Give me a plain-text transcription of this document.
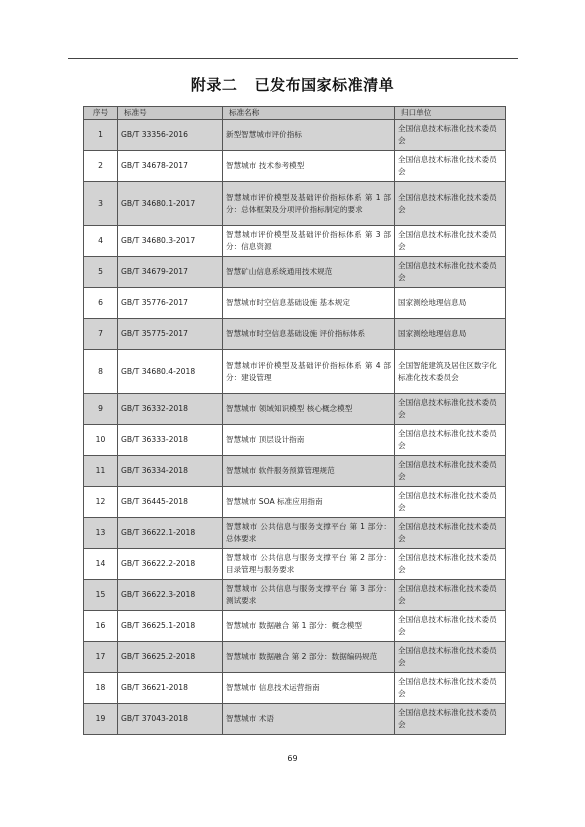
附录二   已发布国家标准清单
序号	标准号	标准名称	归口单位
1	GB/T 33356-2016	新型智慧城市评价指标	全国信息技术标准化技术委员会
2	GB/T 34678-2017	智慧城市 技术参考模型	全国信息技术标准化技术委员会
3	GB/T 34680.1-2017	智慧城市评价模型及基础评价指标体系 第 1 部分：总体框架及分项评价指标制定的要求	全国信息技术标准化技术委员会
4	GB/T 34680.3-2017	智慧城市评价模型及基础评价指标体系 第 3 部分：信息资源	全国信息技术标准化技术委员会
5	GB/T 34679-2017	智慧矿山信息系统通用技术规范	全国信息技术标准化技术委员会
6	GB/T 35776-2017	智慧城市时空信息基础设施 基本规定	国家测绘地理信息局
7	GB/T 35775-2017	智慧城市时空信息基础设施 评价指标体系	国家测绘地理信息局
8	GB/T 34680.4-2018	智慧城市评价模型及基础评价指标体系 第 4 部分：建设管理	全国智能建筑及居住区数字化标准化技术委员会
9	GB/T 36332-2018	智慧城市 领域知识模型 核心概念模型	全国信息技术标准化技术委员会
10	GB/T 36333-2018	智慧城市 顶层设计指南	全国信息技术标准化技术委员会
11	GB/T 36334-2018	智慧城市 软件服务预算管理规范	全国信息技术标准化技术委员会
12	GB/T 36445-2018	智慧城市 SOA 标准应用指南	全国信息技术标准化技术委员会
13	GB/T 36622.1-2018	智慧城市 公共信息与服务支撑平台 第 1 部分：总体要求	全国信息技术标准化技术委员会
14	GB/T 36622.2-2018	智慧城市 公共信息与服务支撑平台 第 2 部分：目录管理与服务要求	全国信息技术标准化技术委员会
15	GB/T 36622.3-2018	智慧城市 公共信息与服务支撑平台 第 3 部分：测试要求	全国信息技术标准化技术委员会
16	GB/T 36625.1-2018	智慧城市 数据融合 第 1 部分：概念模型	全国信息技术标准化技术委员会
17	GB/T 36625.2-2018	智慧城市 数据融合 第 2 部分：数据编码规范	全国信息技术标准化技术委员会
18	GB/T 36621-2018	智慧城市 信息技术运营指南	全国信息技术标准化技术委员会
19	GB/T 37043-2018	智慧城市 术语	全国信息技术标准化技术委员会
69
